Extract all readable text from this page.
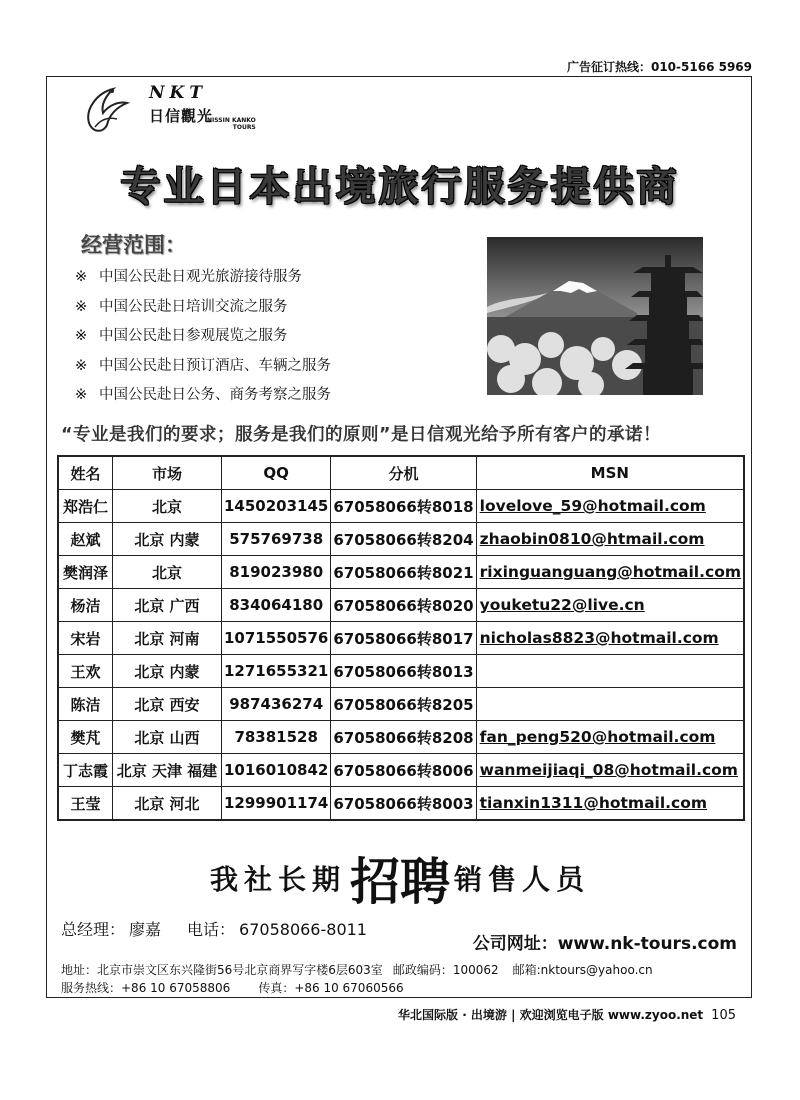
广告征订热线：010-5166 5969
NKT
日信觀光
NISSIN KANKO
TOURS
专业日本出境旅行服务提供商
经营范围：
※ 中国公民赴日观光旅游接待服务
※ 中国公民赴日培训交流之服务
※ 中国公民赴日参观展览之服务
※ 中国公民赴日预订酒店、车辆之服务
※ 中国公民赴日公务、商务考察之服务
“专业是我们的要求；服务是我们的原则”是日信观光给予所有客户的承诺！
姓名	市场	QQ	分机	MSN
郑浩仁	北京	1450203145	67058066转8018	lovelove_59@hotmail.com
赵斌	北京 内蒙	575769738	67058066转8204	zhaobin0810@htmail.com
樊润泽	北京	819023980	67058066转8021	rixinguanguang@hotmail.com
杨洁	北京 广西	834064180	67058066转8020	youketu22@live.cn
宋岩	北京 河南	1071550576	67058066转8017	nicholas8823@hotmail.com
王欢	北京 内蒙	1271655321	67058066转8013	
陈洁	北京 西安	987436274	67058066转8205	
樊芃	北京 山西	78381528	67058066转8208	fan_peng520@hotmail.com
丁志霞	北京 天津 福建	1016010842	67058066转8006	wanmeijiaqi_08@hotmail.com
王莹	北京 河北	1299901174	67058066转8003	tianxin1311@hotmail.com
我社长期招聘 销售人员
总经理： 廖嘉 电话： 67058066-8011
公司网址：www.nk-tours.com
地址：北京市崇文区东兴隆街56号北京商界写字楼6层603室 邮政编码：100062 邮箱:nktours@yahoo.cn
服务热线：+86 10 67058806 传真：+86 10 67060566
华北国际版 · 出境游 | 欢迎浏览电子版 www.zyoo.net 105
